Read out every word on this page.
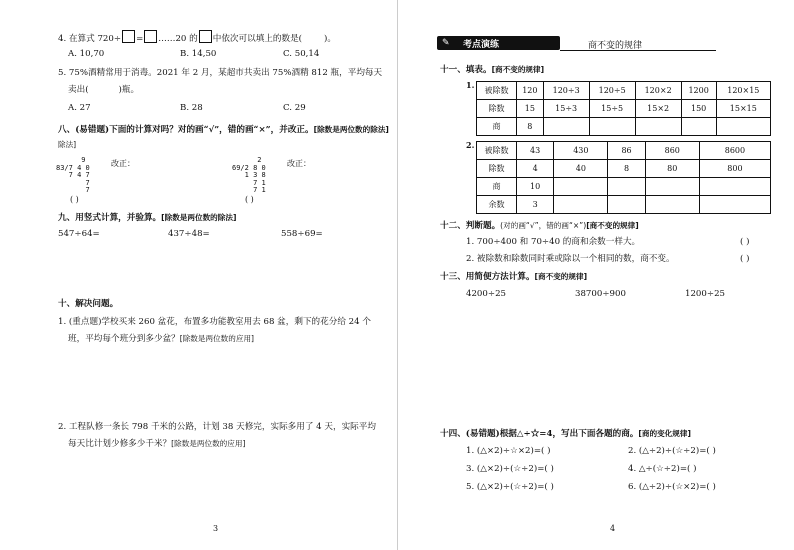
4. 在算式 720÷ = ……20 的 中依次可以填上的数是(	)。
A. 10,70	B. 14,50	C. 50,14
5. 75%酒精常用于消毒。2021 年 2 月，某超市共卖出 75%酒精 812 瓶，平均每天
卖出(	)瓶。
A. 27	B. 28	C. 29
八、(易错题)下面的计算对吗？对的画“√”，错的画“×”，并改正。[除数是两位数的除法]
除法]
9
83/7 4 0
7 4 7
7
7
改正：
( )
2
69/2 8 0
1 3 8
7 1
7 1
改正：
( )
九、用竖式计算，并验算。[除数是两位数的除法]
547÷64=	437÷48=	558÷69=
十、解决问题。
1. (重点题)学校买来 260 盆花，布置多功能教室用去 68 盆，剩下的花分给 24 个
班，平均每个班分到多少盆？[除数是两位数的应用]
2. 工程队修一条长 798 千米的公路，计划 38 天修完，实际多用了 4 天，实际平均
每天比计划少修多少千米？[除数是两位数的应用]
3
✎ 考点演练	商不变的规律
十一、填表。[商不变的规律]
1.
被除数	120	120÷3	120÷5	120×2	1200	120×15
除数	15	15÷3	15÷5	15×2	150	15×15
商	8					
2.
被除数	43	430	86	860	8600
除数	4	40	8	80	800
商	10				
余数	3				
十二、判断题。(对的画“√”，错的画“×”)[商不变的规律]
1. 700÷400 和 70÷40 的商和余数一样大。	( )
2. 被除数和除数同时乘或除以一个相同的数，商不变。	( )
十三、用简便方法计算。[商不变的规律]
4200÷25	38700÷900	1200÷25
十四、(易错题)根据△÷☆=4，写出下面各题的商。[商的变化规律]
1. (△×2)÷☆×2)=( )	2. (△÷2)÷(☆÷2)=( )
3. (△×2)÷(☆÷2)=( )	4. △÷(☆÷2)=( )
5. (△×2)÷(☆÷2)=( )	6. (△÷2)÷(☆×2)=( )
4
